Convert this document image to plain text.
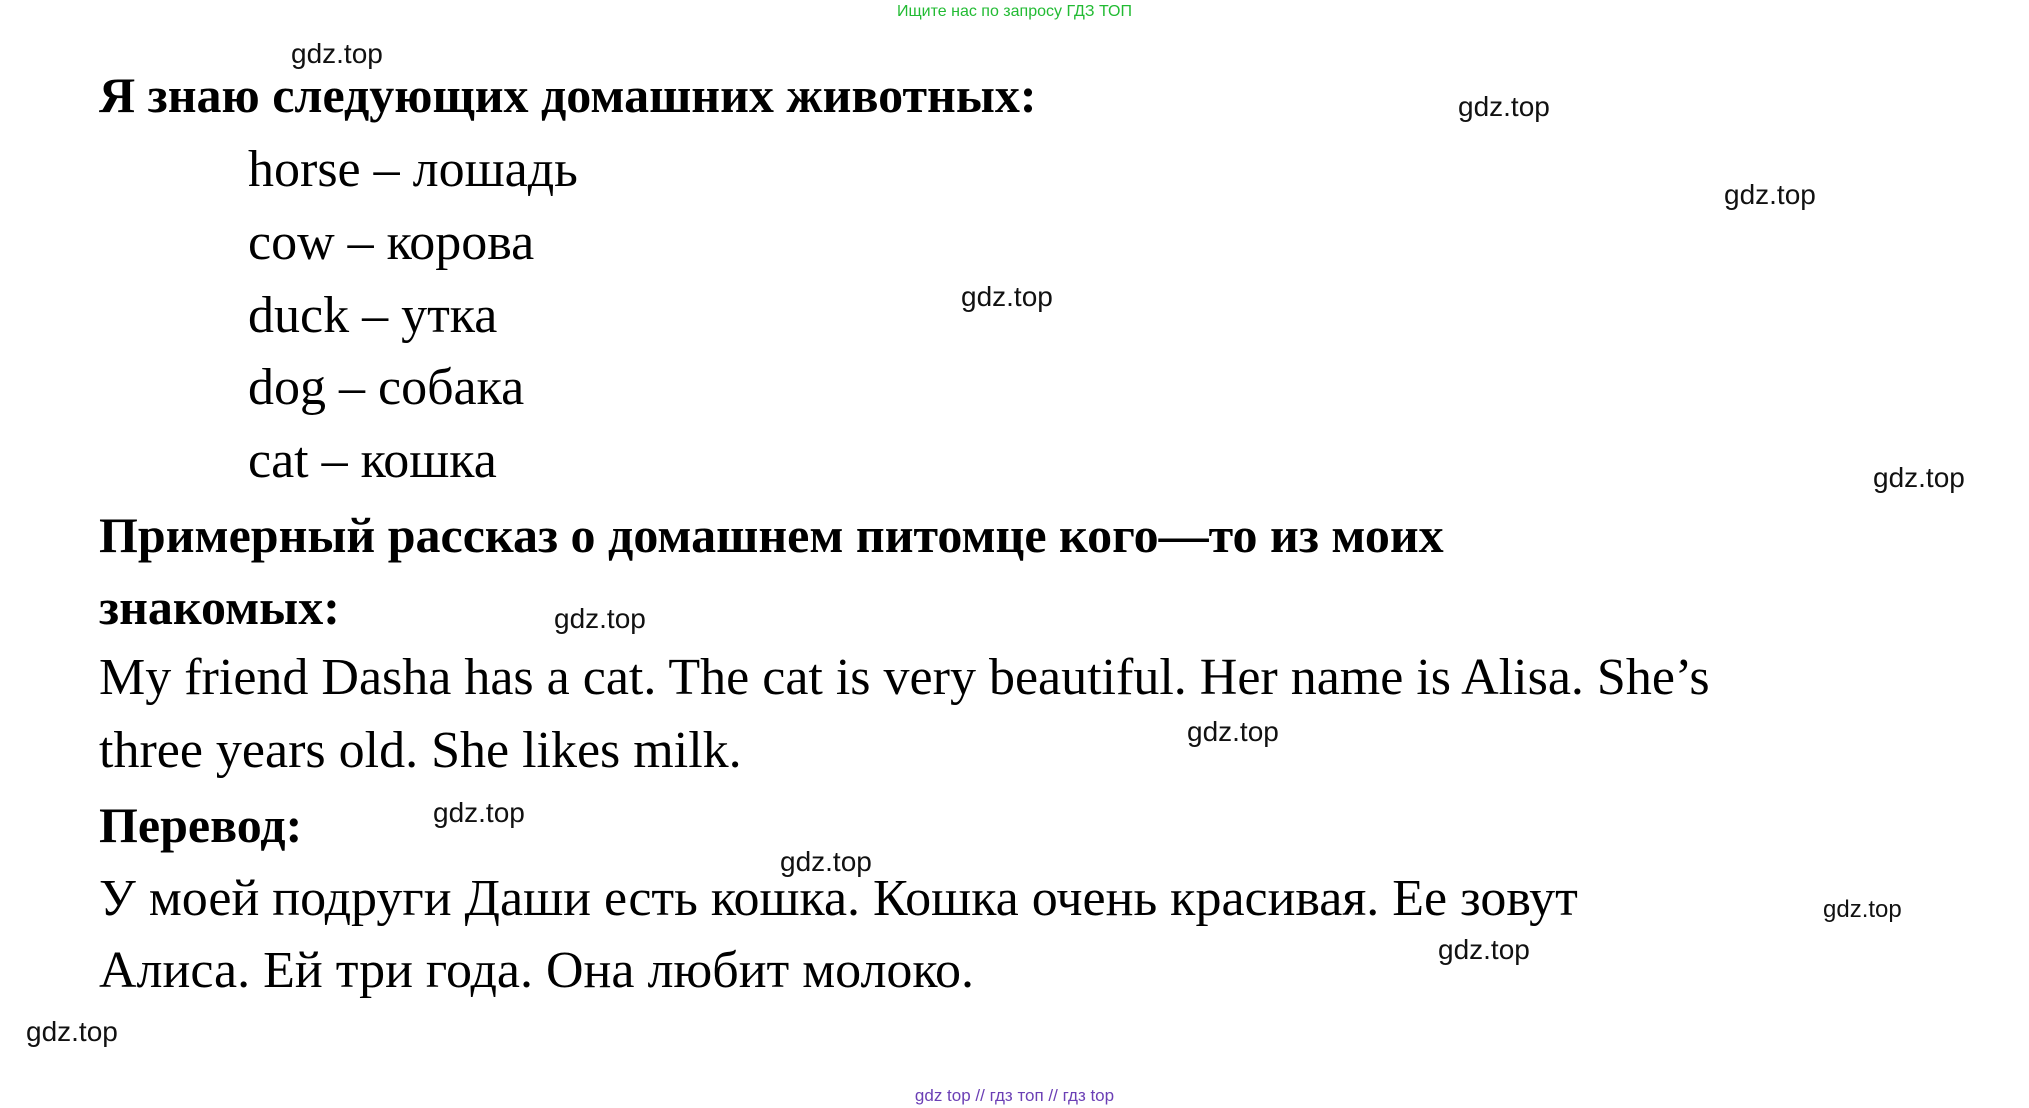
Ищите нас по запросу ГДЗ ТОП
Я знаю следующих домашних животных:
horse – лошадь
cow – корова
duck – утка
dog – собака
cat – кошка
Примерный рассказ о домашнем питомце кого—то из моих
знакомых:
My friend Dasha has a cat. The cat is very beautiful. Her name is Alisa. She’s
three years old. She likes milk.
Перевод:
У моей подруги Даши есть кошка. Кошка очень красивая. Ее зовут
Алиса. Ей три года. Она любит молоко.
gdz.top
gdz.top
gdz.top
gdz.top
gdz.top
gdz.top
gdz.top
gdz.top
gdz.top
gdz.top
gdz.top
gdz.top
gdz top // гдз топ // гдз top
